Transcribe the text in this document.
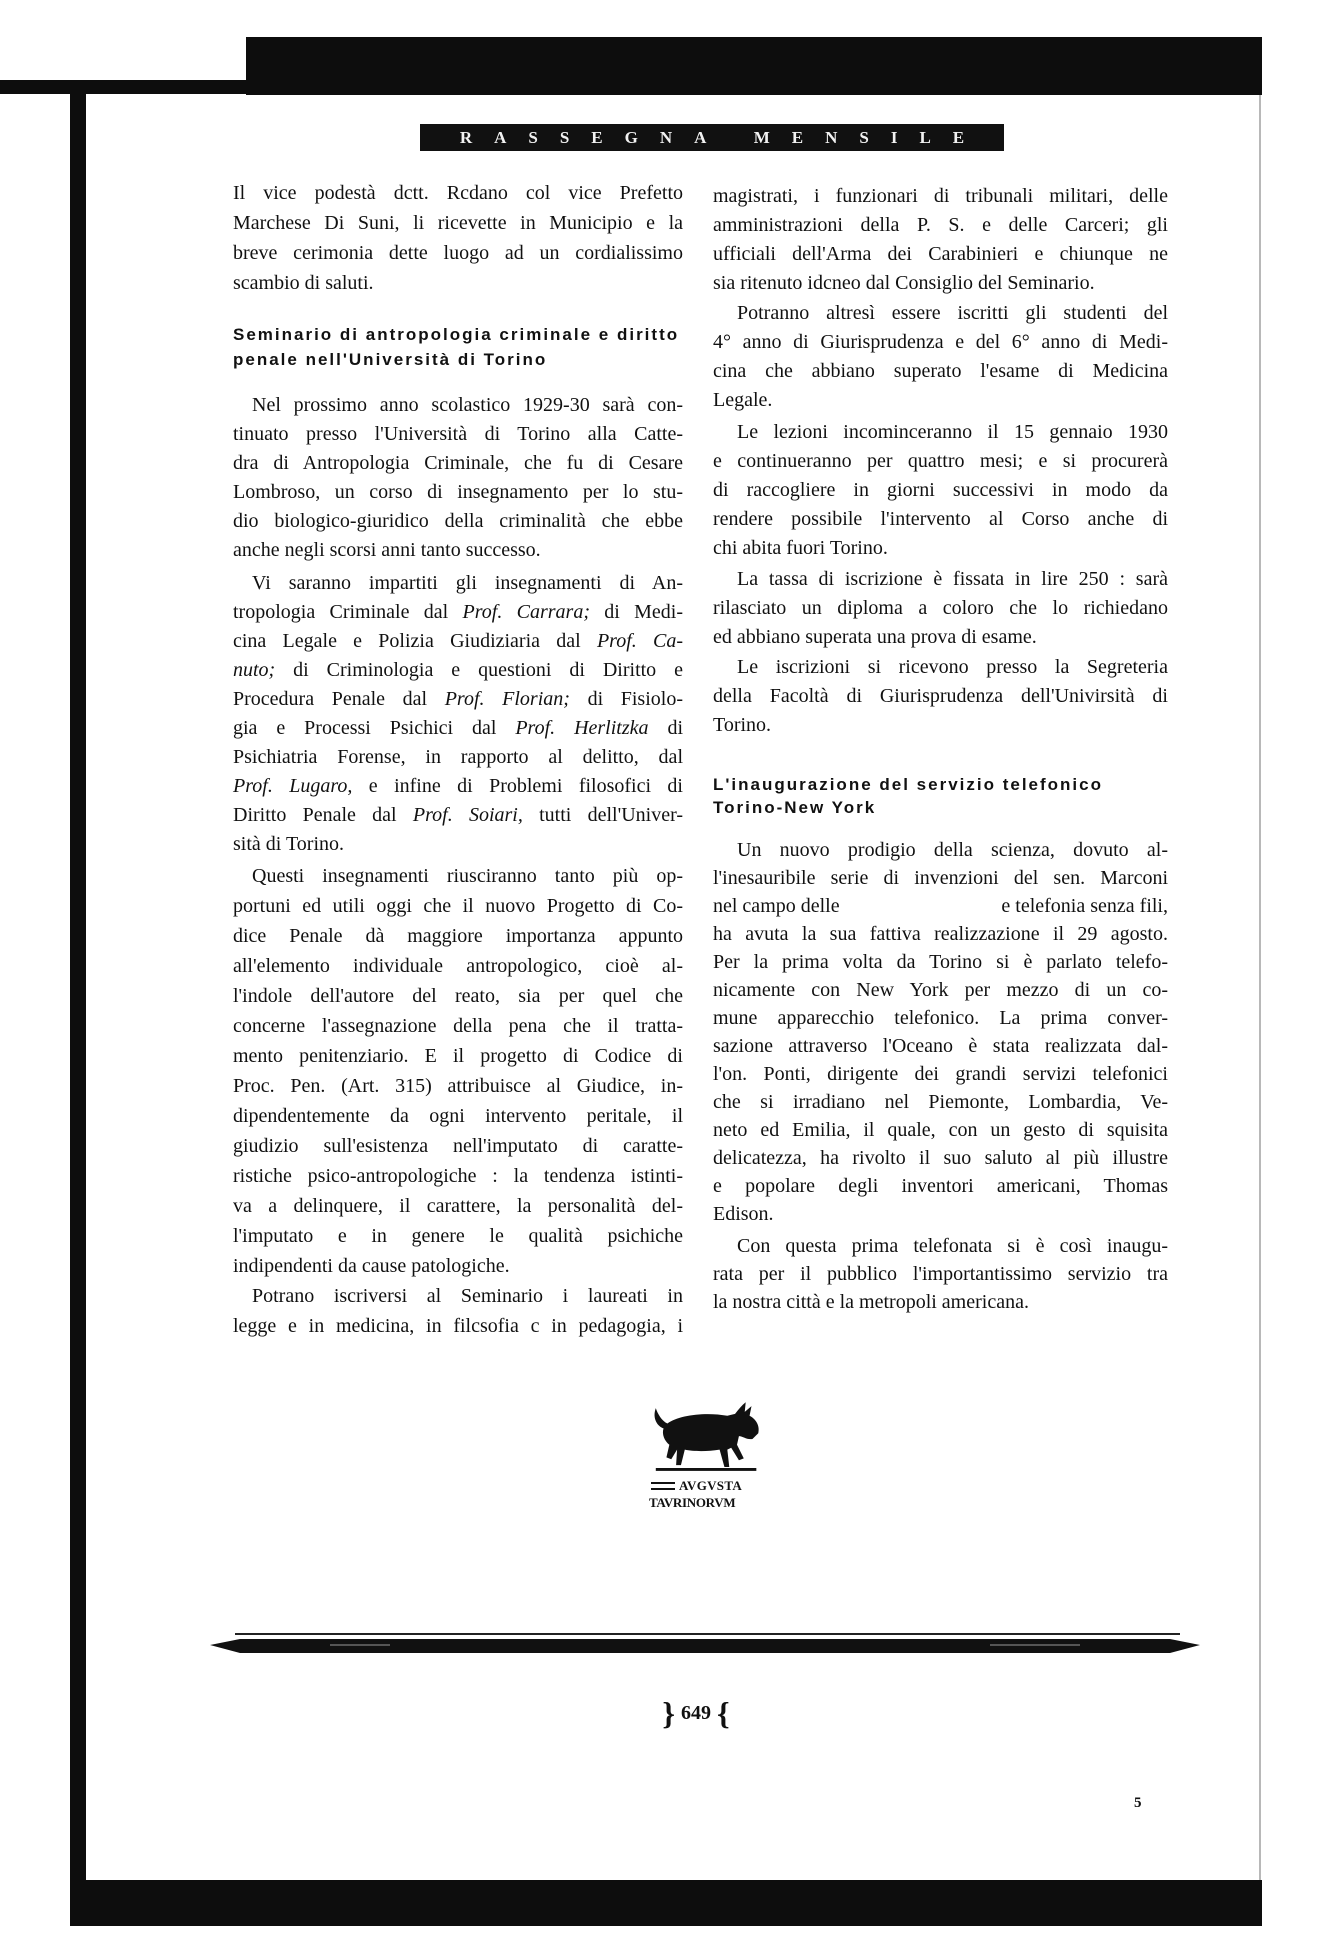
RASSEGNA MENSILE
Il vice podestà dctt. Rcdano col vice Prefetto
Marchese Di Suni, li ricevette in Municipio e la
breve cerimonia dette luogo ad un cordialissimo
scambio di saluti.
Seminario di antropologia criminale e diritto
penale nell'Università di Torino
Nel prossimo anno scolastico 1929-30 sarà con-
tinuato presso l'Università di Torino alla Catte-
dra di Antropologia Criminale, che fu di Cesare
Lombroso, un corso di insegnamento per lo stu-
dio biologico-giuridico della criminalità che ebbe
anche negli scorsi anni tanto successo.
Vi saranno impartiti gli insegnamenti di An-
tropologia Criminale dal Prof. Carrara; di Medi-
cina Legale e Polizia Giudiziaria dal Prof. Ca-
nuto; di Criminologia e questioni di Diritto e
Procedura Penale dal Prof. Florian; di Fisiolo-
gia e Processi Psichici dal Prof. Herlitzka di
Psichiatria Forense, in rapporto al delitto, dal
Prof. Lugaro, e infine di Problemi filosofici di
Diritto Penale dal Prof. Soiari, tutti dell'Univer-
sità di Torino.
Questi insegnamenti riusciranno tanto più op-
portuni ed utili oggi che il nuovo Progetto di Co-
dice Penale dà maggiore importanza appunto
all'elemento individuale antropologico, cioè al-
l'indole dell'autore del reato, sia per quel che
concerne l'assegnazione della pena che il tratta-
mento penitenziario. E il progetto di Codice di
Proc. Pen. (Art. 315) attribuisce al Giudice, in-
dipendentemente da ogni intervento peritale, il
giudizio sull'esistenza nell'imputato di caratte-
ristiche psico-antropologiche : la tendenza istinti-
va a delinquere, il carattere, la personalità del-
l'imputato e in genere le qualità psichiche
indipendenti da cause patologiche.
Potrano iscriversi al Seminario i laureati in
legge e in medicina, in filcsofia c in pedagogia, i
magistrati, i funzionari di tribunali militari, delle
amministrazioni della P. S. e delle Carceri; gli
ufficiali dell'Arma dei Carabinieri e chiunque ne
sia ritenuto idcneo dal Consiglio del Seminario.
Potranno altresì essere iscritti gli studenti del
4° anno di Giurisprudenza e del 6° anno di Medi-
cina che abbiano superato l'esame di Medicina
Legale.
Le lezioni incominceranno il 15 gennaio 1930
e continueranno per quattro mesi; e si procurerà
di raccogliere in giorni successivi in modo da
rendere possibile l'intervento al Corso anche di
chi abita fuori Torino.
La tassa di iscrizione è fissata in lire 250 : sarà
rilasciato un diploma a coloro che lo richiedano
ed abbiano superata una prova di esame.
Le iscrizioni si ricevono presso la Segreteria
della Facoltà di Giurisprudenza dell'Univirsità di
Torino.
L'inaugurazione del servizio telefonico
Torino-New York
Un nuovo prodigio della scienza, dovuto al-
l'inesauribile serie di invenzioni del sen. Marconi
nel campo delle	e telefonia senza fili,
ha avuta la sua fattiva realizzazione il 29 agosto.
Per la prima volta da Torino si è parlato telefo-
nicamente con New York per mezzo di un co-
mune apparecchio telefonico. La prima conver-
sazione attraverso l'Oceano è stata realizzata dal-
l'on. Ponti, dirigente dei grandi servizi telefonici
che si irradiano nel Piemonte, Lombardia, Ve-
neto ed Emilia, il quale, con un gesto di squisita
delicatezza, ha rivolto il suo saluto al più illustre
e popolare degli inventori americani, Thomas
Edison.
Con questa prima telefonata si è così inaugu-
rata per il pubblico l'importantissimo servizio tra
la nostra città e la metropoli americana.
AVGVSTA
TAVRINORVM
} 649 {
5
